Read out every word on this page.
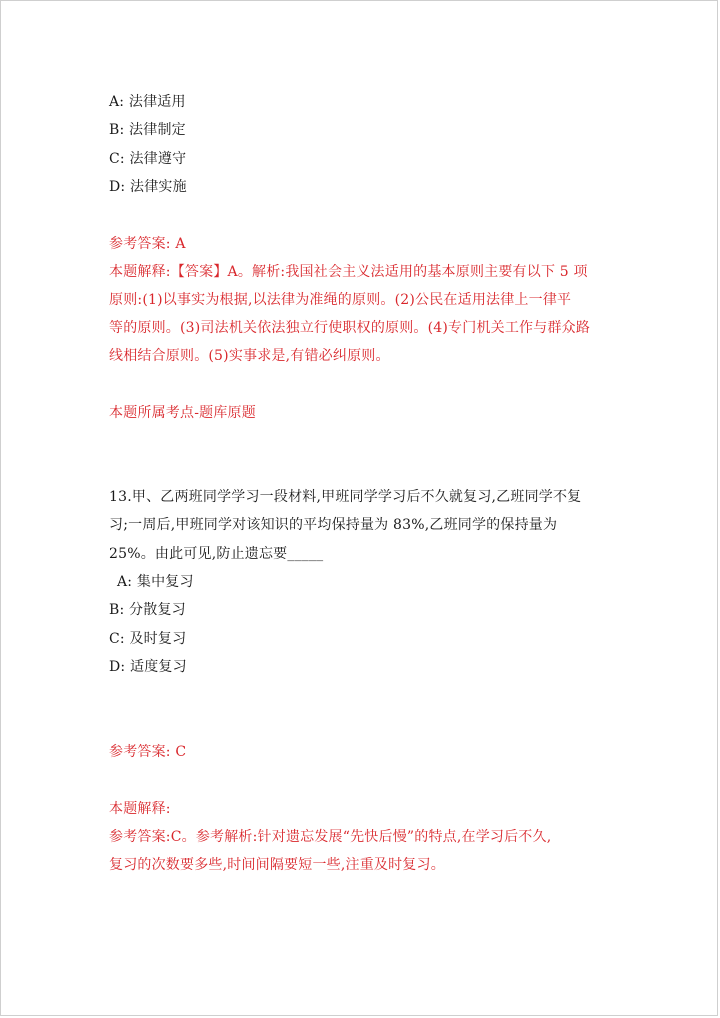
A: 法律适用
B: 法律制定
C: 法律遵守
D: 法律实施
参考答案: A
本题解释:【答案】A。解析:我国社会主义法适用的基本原则主要有以下 5 项
原则:(1)以事实为根据,以法律为准绳的原则。(2)公民在适用法律上一律平
等的原则。(3)司法机关依法独立行使职权的原则。(4)专门机关工作与群众路
线相结合原则。(5)实事求是,有错必纠原则。
本题所属考点-题库原题
13.甲、乙两班同学学习一段材料,甲班同学学习后不久就复习,乙班同学不复
习;一周后,甲班同学对该知识的平均保持量为 83%,乙班同学的保持量为
25%。由此可见,防止遗忘要_____
A: 集中复习
B: 分散复习
C: 及时复习
D: 适度复习
参考答案: C
本题解释:
参考答案:C。参考解析:针对遗忘发展“先快后慢”的特点,在学习后不久,
复习的次数要多些,时间间隔要短一些,注重及时复习。
